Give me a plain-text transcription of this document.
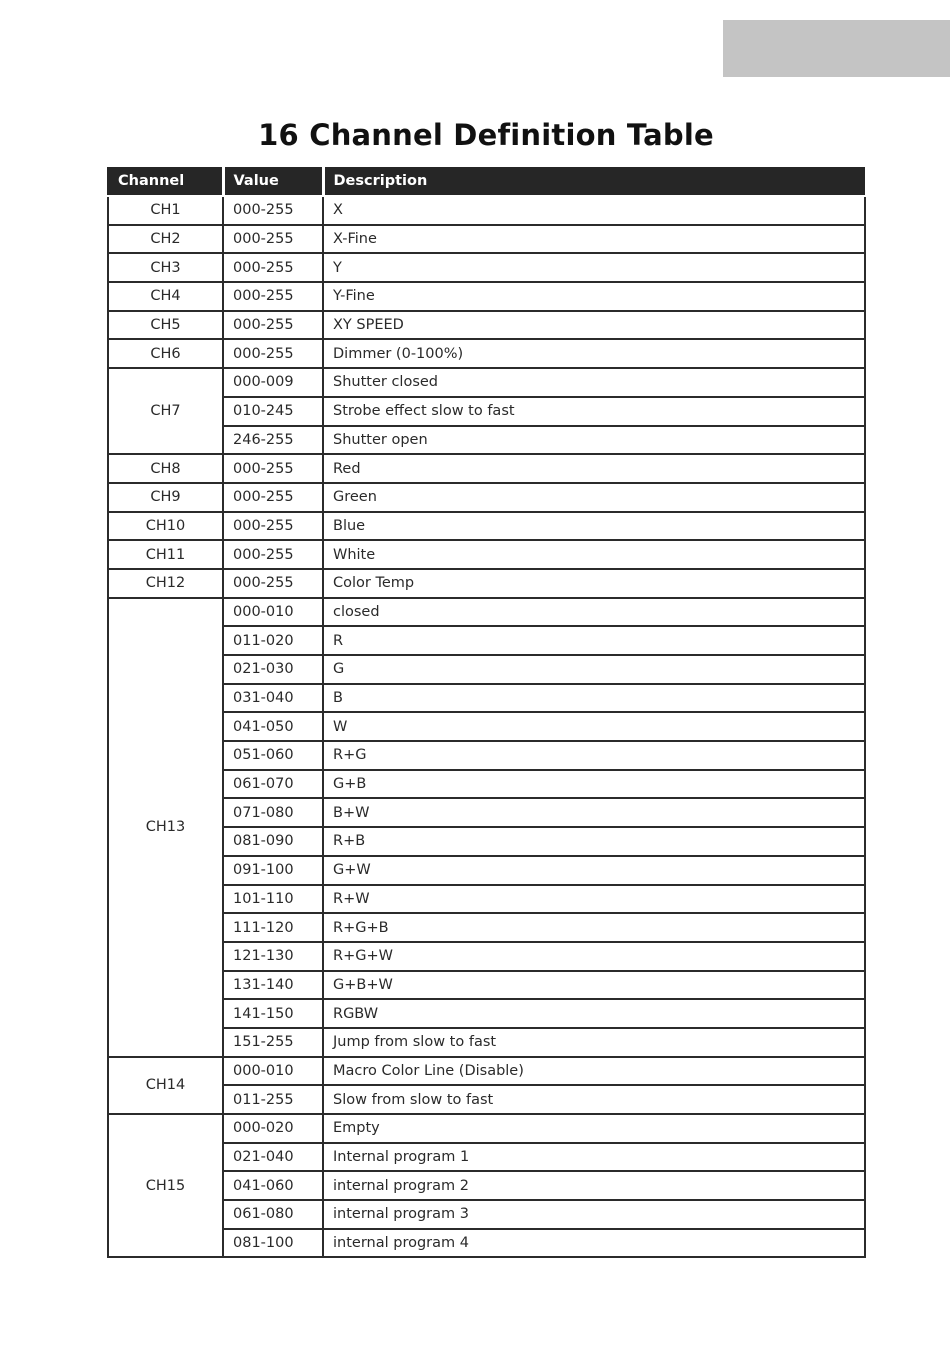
16 Channel Definition Table
Channel	Value	Description
CH1	000-255	X
CH2	000-255	X-Fine
CH3	000-255	Y
CH4	000-255	Y-Fine
CH5	000-255	XY SPEED
CH6	000-255	Dimmer (0-100%)
CH7	000-009	Shutter closed
	010-245	Strobe effect slow to fast
	246-255	Shutter open
CH8	000-255	Red
CH9	000-255	Green
CH10	000-255	Blue
CH11	000-255	White
CH12	000-255	Color Temp
CH13	000-010	closed
	011-020	R
	021-030	G
	031-040	B
	041-050	W
	051-060	R+G
	061-070	G+B
	071-080	B+W
	081-090	R+B
	091-100	G+W
	101-110	R+W
	111-120	R+G+B
	121-130	R+G+W
	131-140	G+B+W
	141-150	RGBW
	151-255	Jump from slow to fast
CH14	000-010	Macro Color Line (Disable)
	011-255	Slow from slow to fast
CH15	000-020	Empty
	021-040	Internal program 1
	041-060	internal program 2
	061-080	internal program 3
	081-100	internal program 4
